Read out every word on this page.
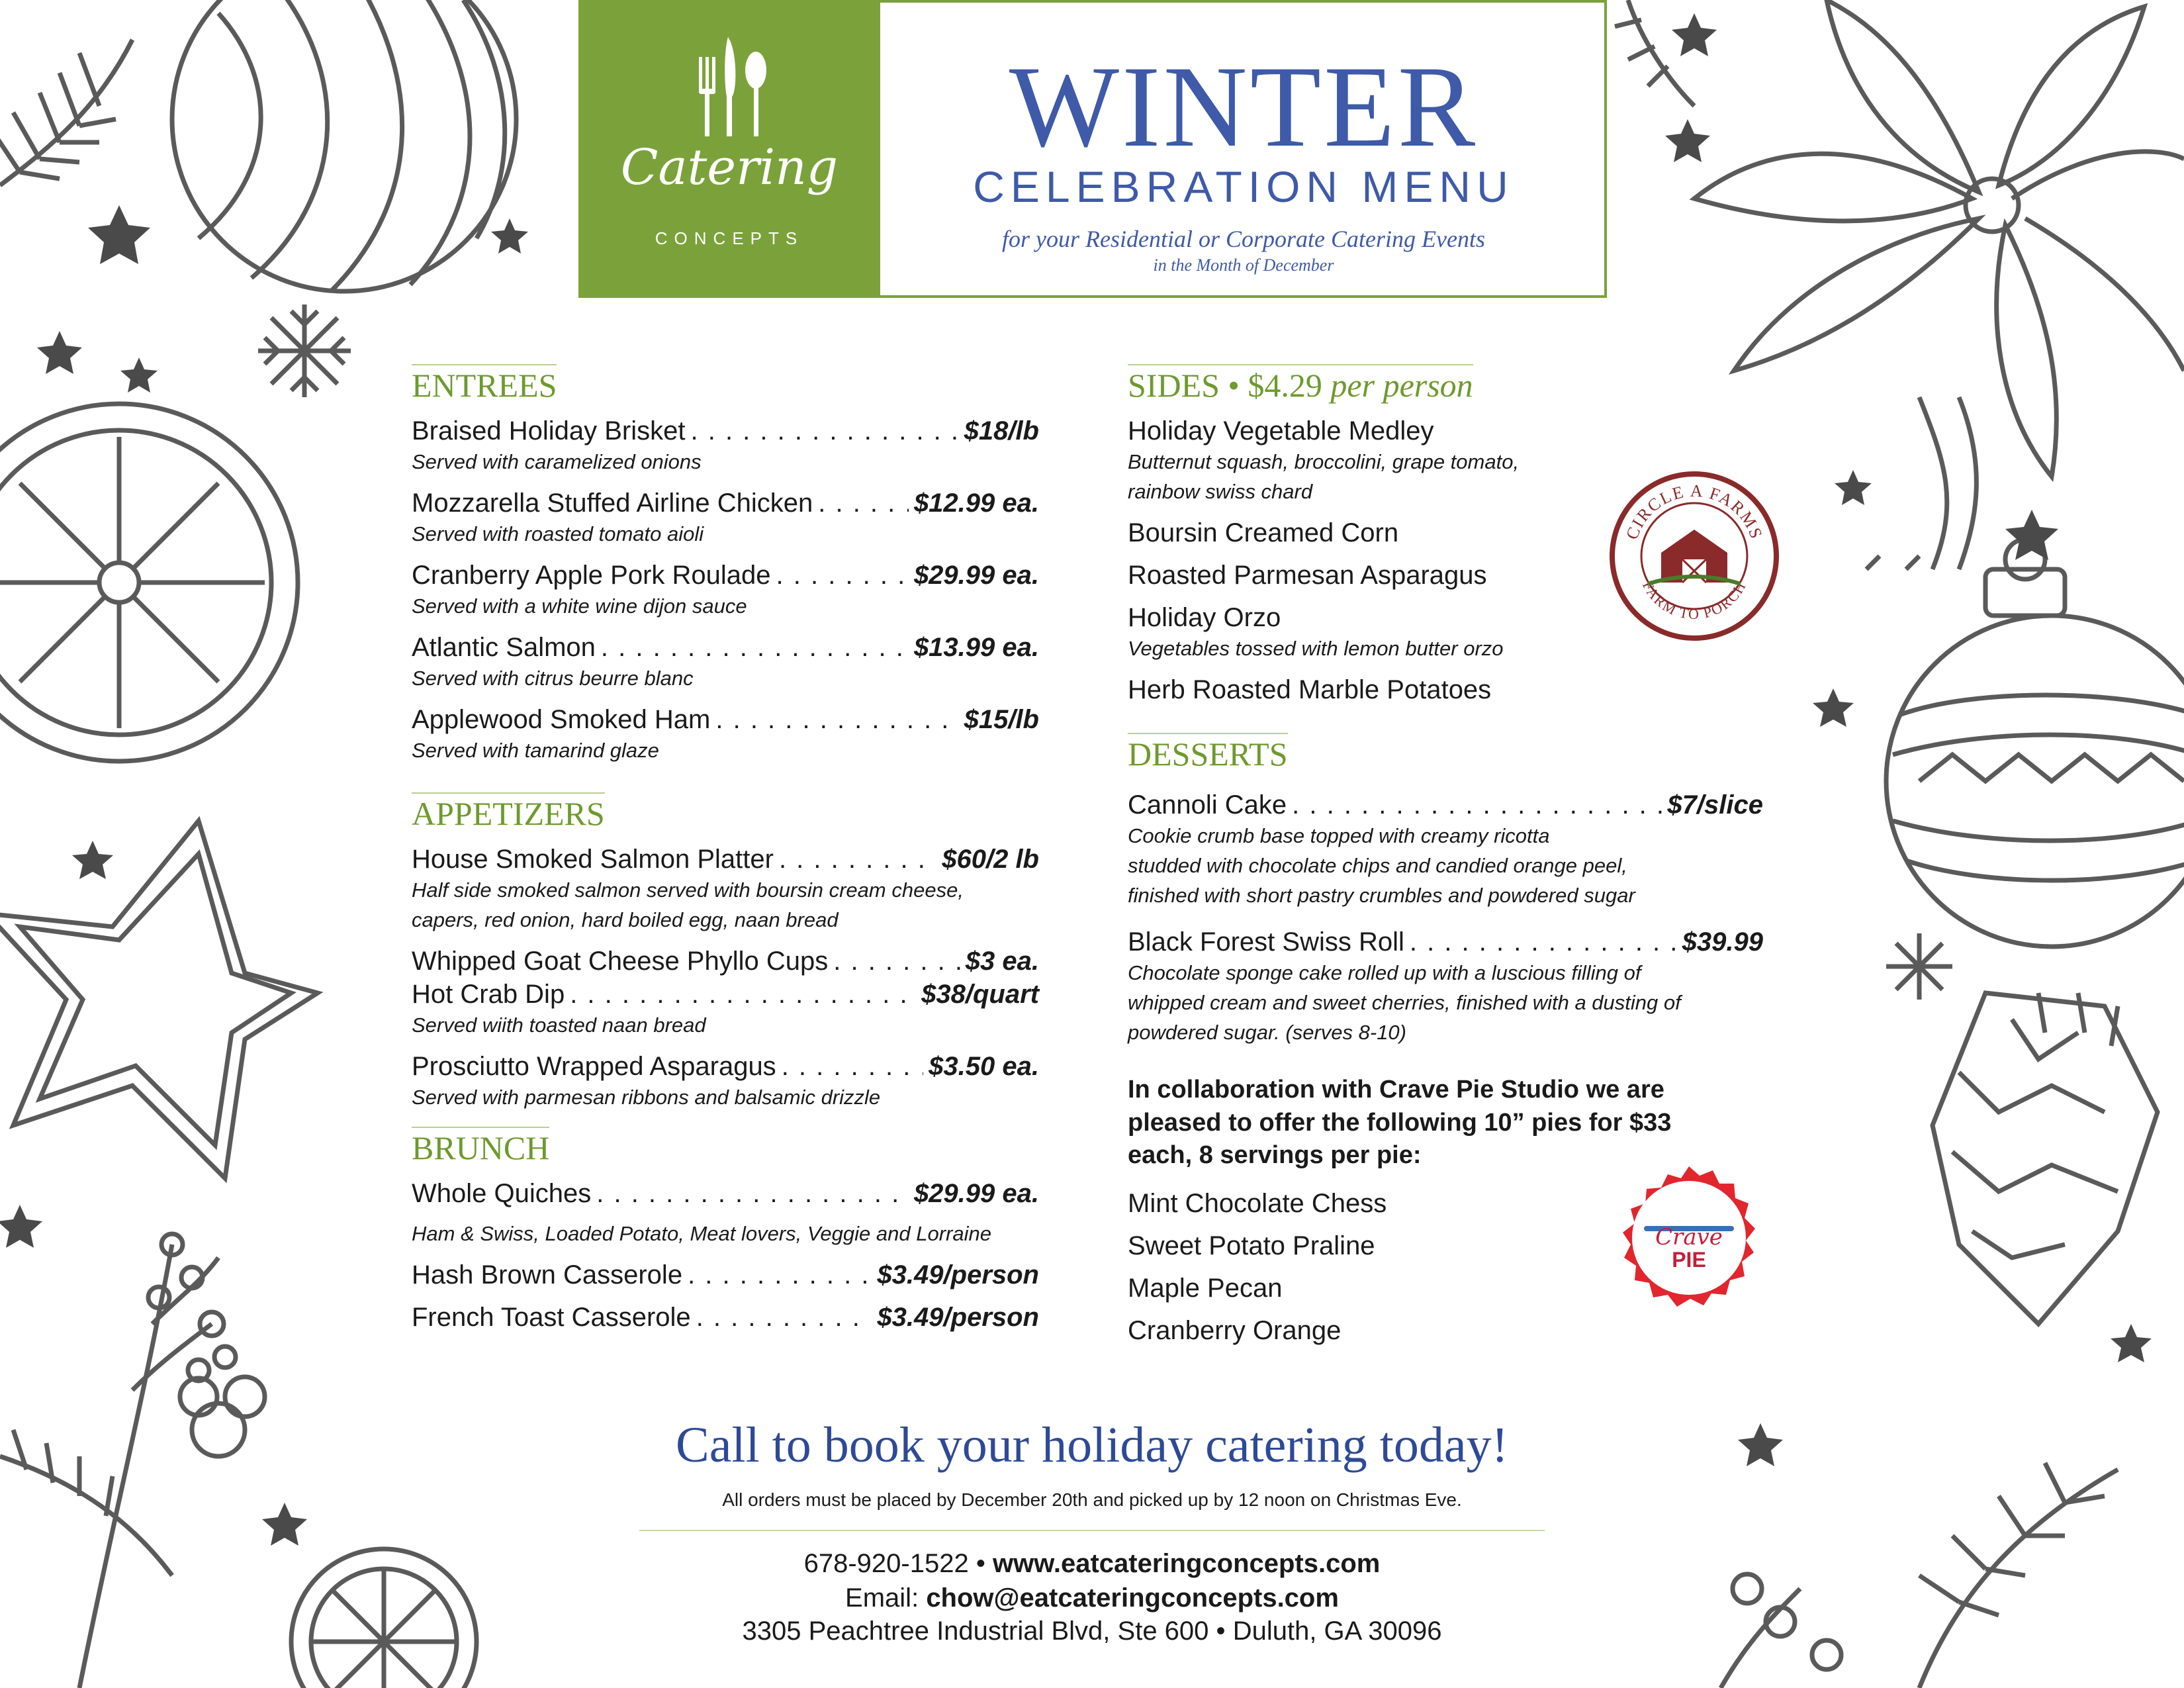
Catering
CONCEPTS
WINTER
CELEBRATION MENU
for your Residential or Corporate Catering Events
in the Month of December
ENTREES
Braised Holiday Brisket . . .	$18/lb
Served with caramelized onions
Mozzarella Stuffed Airline Chicken . . .	$12.99 ea.
Served with roasted tomato aioli
Cranberry Apple Pork Roulade . . .	$29.99 ea.
Served with a white wine dijon sauce
Atlantic Salmon . . .	$13.99 ea.
Served with citrus beurre blanc
Applewood Smoked Ham . . .	$15/lb
Served with tamarind glaze
APPETIZERS
House Smoked Salmon Platter . . .	$60/2 lb
Half side smoked salmon served with boursin cream cheese,
capers, red onion, hard boiled egg, naan bread
Whipped Goat Cheese Phyllo Cups . . .	$3 ea.
Hot Crab Dip . . .	$38/quart
Served wiith toasted naan bread
Prosciutto Wrapped Asparagus . . .	$3.50 ea.
Served with parmesan ribbons and balsamic drizzle
BRUNCH
Whole Quiches . . .	$29.99 ea.
Ham & Swiss, Loaded Potato, Meat lovers, Veggie and Lorraine
Hash Brown Casserole . . .	$3.49/person
French Toast Casserole . . .	$3.49/person
SIDES • $4.29 per person
Holiday Vegetable Medley
Butternut squash, broccolini, grape tomato,
rainbow swiss chard
Boursin Creamed Corn
Roasted Parmesan Asparagus
Holiday Orzo
Vegetables tossed with lemon butter orzo
Herb Roasted Marble Potatoes
DESSERTS
Cannoli Cake . . .	$7/slice
Cookie crumb base topped with creamy ricotta
studded with chocolate chips and candied orange peel,
finished with short pastry crumbles and powdered sugar
Black Forest Swiss Roll . . .	$39.99
Chocolate sponge cake rolled up with a luscious filling of
whipped cream and sweet cherries, finished with a dusting of
powdered sugar. (serves 8-10)
In collaboration with Crave Pie Studio we are
pleased to offer the following 10” pies for $33
each, 8 servings per pie:
Mint Chocolate Chess
Sweet Potato Praline
Maple Pecan
Cranberry Orange
CIRCLE A FARMS
FARM TO PORCH
Crave
PIE
Call to book your holiday catering today!
All orders must be placed by December 20th and picked up by 12 noon on Christmas Eve.
678-920-1522 • www.eatcateringconcepts.com
Email: chow@eatcateringconcepts.com
3305 Peachtree Industrial Blvd, Ste 600 • Duluth, GA 30096
